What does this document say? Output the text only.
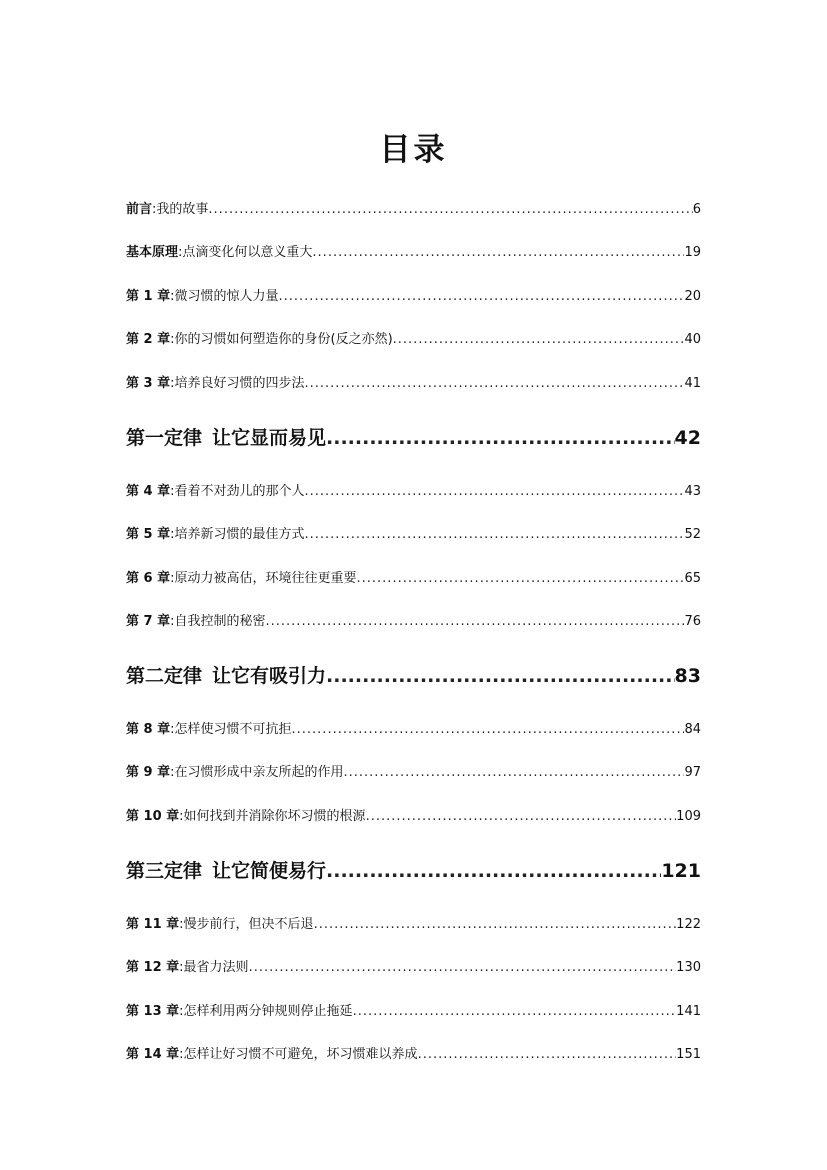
目录
前言 : 我的故事 .....	6
基本原理 : 点滴变化何以意义重大 .....	19
第 1 章 : 微习惯的惊人力量 .....	20
第 2 章 : 你的习惯如何塑造你的身份(反之亦然) .....	40
第 3 章 : 培养良好习惯的四步法 .....	41
第一定律 让它显而易见 .....	42
第 4 章 : 看着不对劲儿的那个人 .....	43
第 5 章 : 培养新习惯的最佳方式 .....	52
第 6 章 : 原动力被高估，环境往往更重要 .....	65
第 7 章 : 自我控制的秘密 .....	76
第二定律 让它有吸引力 .....	83
第 8 章 : 怎样使习惯不可抗拒 .....	84
第 9 章 : 在习惯形成中亲友所起的作用 .....	97
第 10 章 : 如何找到并消除你坏习惯的根源 .....	109
第三定律 让它简便易行 .....	121
第 11 章 : 慢步前行，但决不后退 .....	122
第 12 章 : 最省力法则 .....	130
第 13 章 : 怎样利用两分钟规则停止拖延 .....	141
第 14 章 : 怎样让好习惯不可避免，坏习惯难以养成 .....	151
